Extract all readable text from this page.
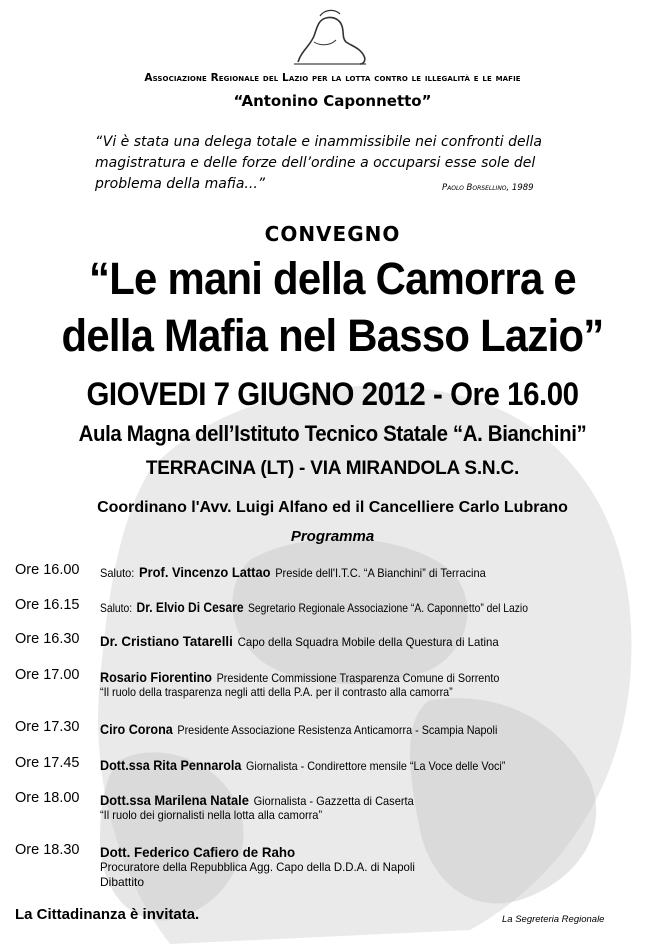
Associazione Regionale del Lazio per la lotta contro le illegalità e le mafie
“Antonino Caponnetto”
“Vi è stata una delega totale e inammissibile nei confronti della magistratura e delle forze dell’ordine a occuparsi esse sole del problema della mafia...”	Paolo Borsellino, 1989
CONVEGNO
“Le mani della Camorra e
della Mafia nel Basso Lazio”
GIOVEDI 7 GIUGNO 2012 - Ore 16.00
Aula Magna dell’Istituto Tecnico Statale “A. Bianchini”
TERRACINA (LT) - VIA MIRANDOLA S.N.C.
Coordinano l'Avv. Luigi Alfano ed il Cancelliere Carlo Lubrano
Programma
Ore 16.00 Saluto: Prof. Vincenzo Lattao Preside dell'I.T.C. “A Bianchini” di Terracina
Ore 16.15 Saluto: Dr. Elvio Di Cesare Segretario Regionale Associazione “A. Caponnetto” del Lazio
Ore 16.30 Dr. Cristiano Tatarelli Capo della Squadra Mobile della Questura di Latina
Ore 17.00 Rosario Fiorentino Presidente Commissione Trasparenza Comune di Sorrento
“Il ruolo della trasparenza negli atti della P.A. per il contrasto alla camorra”
Ore 17.30 Ciro Corona Presidente Associazione Resistenza Anticamorra - Scampia Napoli
Ore 17.45 Dott.ssa Rita Pennarola Giornalista - Condirettore mensile “La Voce delle Voci”
Ore 18.00 Dott.ssa Marilena Natale Giornalista - Gazzetta di Caserta
“Il ruolo dei giornalisti nella lotta alla camorra”
Ore 18.30 Dott. Federico Cafiero de Raho
Procuratore della Repubblica Agg. Capo della D.D.A. di Napoli
Dibattito
La Cittadinanza è invitata.	La Segreteria Regionale
